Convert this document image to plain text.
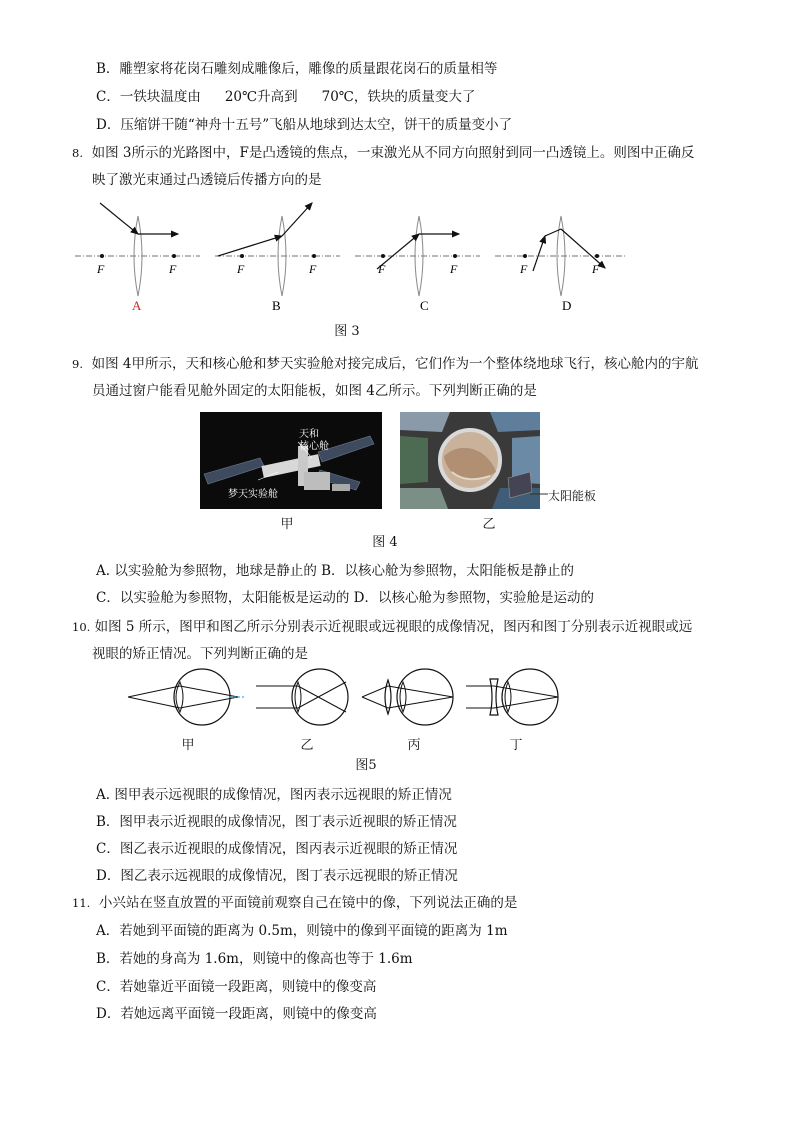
B．雕塑家将花岗石雕刻成雕像后，雕像的质量跟花岗石的质量相等
C．一铁块温度由 20℃升高到 70℃，铁块的质量变大了
D．压缩饼干随“神舟十五号”飞船从地球到达太空，饼干的质量变小了
8. 如图 3所示的光路图中，F是凸透镜的焦点，一束激光从不同方向照射到同一凸透镜上。则图中正确反
映了激光束通过凸透镜后传播方向的是
F	F	F	F	F	F	F	F
A	B	C	D
图 3
9. 如图 4甲所示，天和核心舱和梦天实验舱对接完成后，它们作为一个整体绕地球飞行，核心舱内的宇航
员通过窗户能看见舱外固定的太阳能板，如图 4乙所示。下列判断正确的是
天和
核心舱
梦天实验舱	太阳能板
甲	乙
图 4
A. 以实验舱为参照物，地球是静止的 B．以核心舱为参照物，太阳能板是静止的
C．以实验舱为参照物，太阳能板是运动的 D．以核心舱为参照物，实验舱是运动的
10. 如图 5 所示，图甲和图乙所示分别表示近视眼或远视眼的成像情况，图丙和图丁分别表示近视眼或远
视眼的矫正情况。下列判断正确的是
甲	乙	丙	丁
图5
A. 图甲表示远视眼的成像情况，图丙表示远视眼的矫正情况
B．图甲表示近视眼的成像情况，图丁表示近视眼的矫正情况
C．图乙表示近视眼的成像情况，图丙表示近视眼的矫正情况
D．图乙表示远视眼的成像情况，图丁表示远视眼的矫正情况
11. 小兴站在竖直放置的平面镜前观察自己在镜中的像，下列说法正确的是
A．若她到平面镜的距离为 0.5m，则镜中的像到平面镜的距离为 1m
B．若她的身高为 1.6m，则镜中的像高也等于 1.6m
C．若她靠近平面镜一段距离，则镜中的像变高
D．若她远离平面镜一段距离，则镜中的像变高
